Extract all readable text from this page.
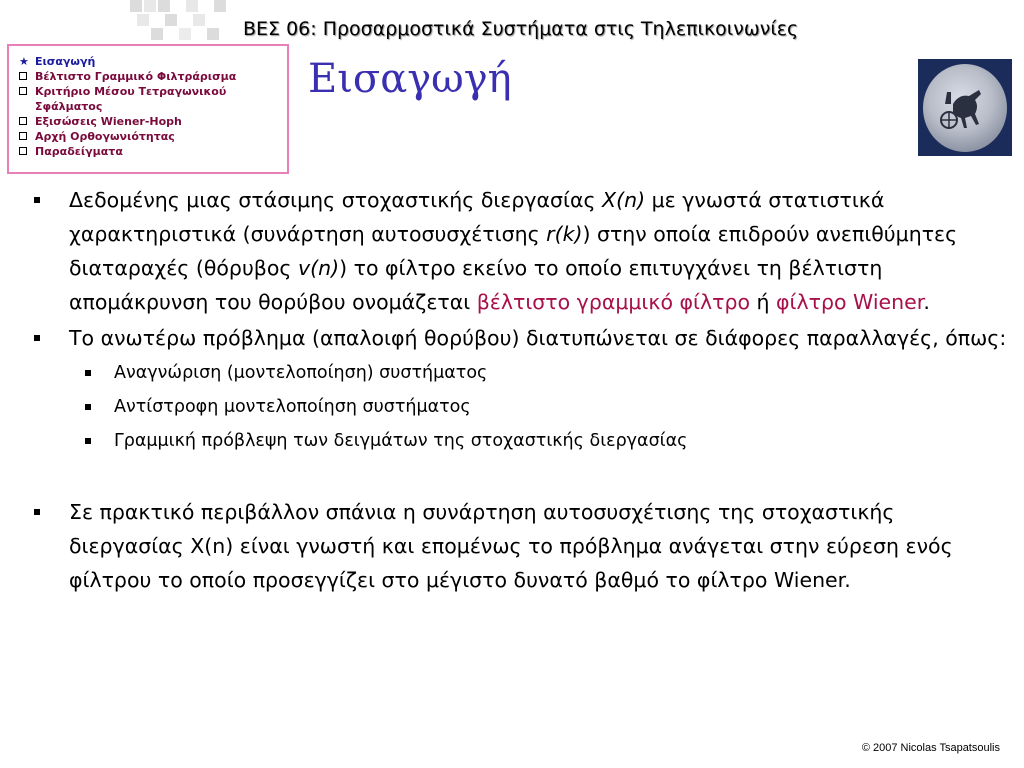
ΒΕΣ 06: Προσαρμοστικά Συστήματα στις Τηλεπικοινωνίες
★ Εισαγωγή
Βέλτιστο Γραμμικό Φιλτράρισμα
Κριτήριο Μέσου Τετραγωνικού
Σφάλματος
Εξισώσεις Wiener-Hoph
Αρχή Ορθογωνιότητας
Παραδείγματα
Εισαγωγή

Δεδομένης μιας στάσιμης στοχαστικής διεργασίας X(n) με γνωστά στατιστικά χαρακτηριστικά (συνάρτηση αυτοσυσχέτισης r(k)) στην οποία επιδρούν ανεπιθύμητες διαταραχές (θόρυβος v(n)) το φίλτρο εκείνο το οποίο επιτυγχάνει τη βέλτιστη απομάκρυνση του θορύβου ονομάζεται βέλτιστο γραμμικό φίλτρο ή φίλτρο Wiener.

Το ανωτέρω πρόβλημα (απαλοιφή θορύβου) διατυπώνεται σε διάφορες παραλλαγές, όπως:

Αναγνώριση (μοντελοποίηση) συστήματος

Αντίστροφη μοντελοποίηση συστήματος

Γραμμική πρόβλεψη των δειγμάτων της στοχαστικής διεργασίας

Σε πρακτικό περιβάλλον σπάνια η συνάρτηση αυτοσυσχέτισης της στοχαστικής διεργασίας X(n) είναι γνωστή και επομένως το πρόβλημα ανάγεται στην εύρεση ενός φίλτρου το οποίο προσεγγίζει στο μέγιστο δυνατό βαθμό το φίλτρο Wiener.

© 2007 Nicolas Tsapatsoulis
